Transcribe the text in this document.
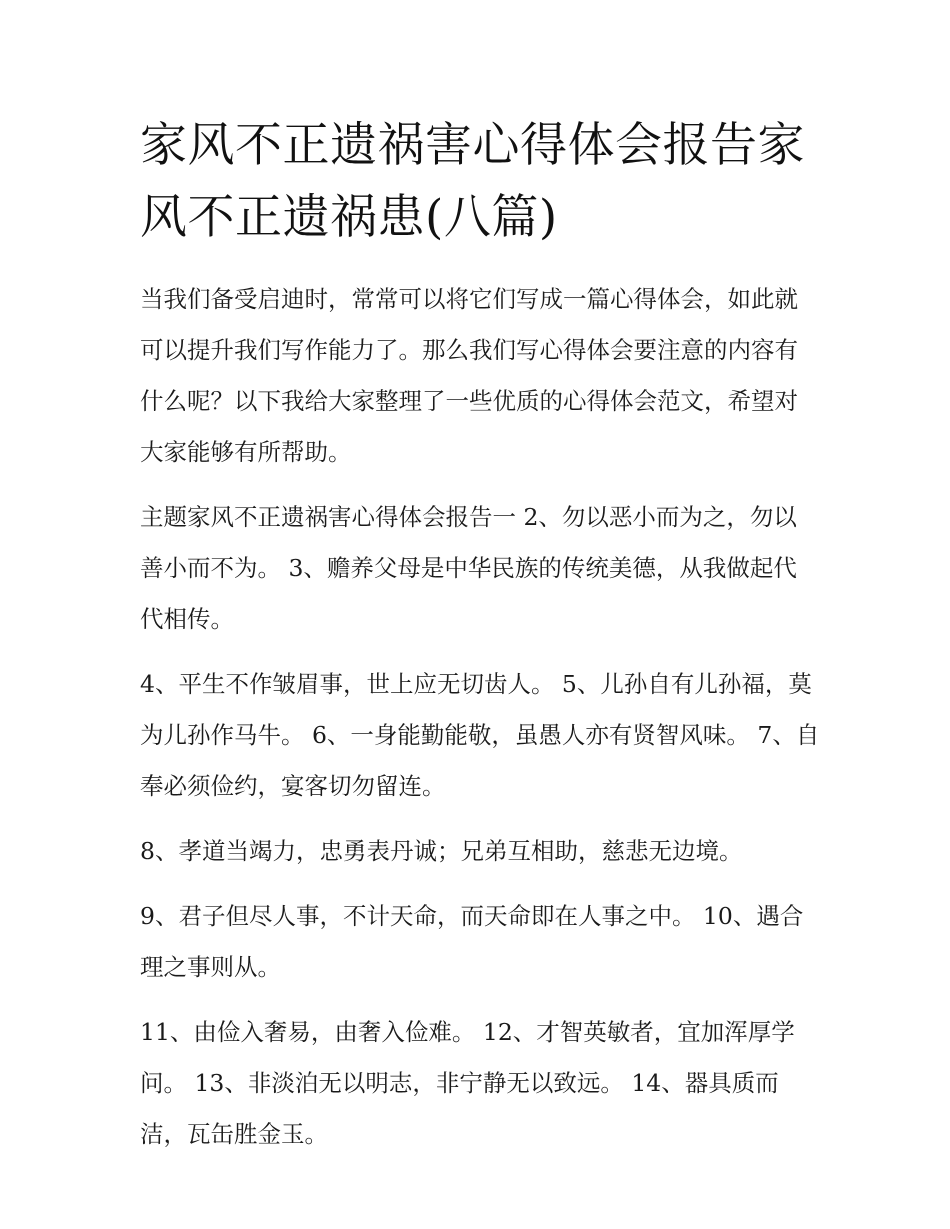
家风不正遗祸害心得体会报告家风不正遗祸患(八篇)

当我们备受启迪时，常常可以将它们写成一篇心得体会，如此就可以提升我们写作能力了。那么我们写心得体会要注意的内容有什么呢？以下我给大家整理了一些优质的心得体会范文，希望对大家能够有所帮助。

主题家风不正遗祸害心得体会报告一 2、勿以恶小而为之，勿以善小而不为。 3、赡养父母是中华民族的传统美德，从我做起代代相传。

4、平生不作皱眉事，世上应无切齿人。 5、儿孙自有儿孙福，莫为儿孙作马牛。 6、一身能勤能敬，虽愚人亦有贤智风味。 7、自奉必须俭约，宴客切勿留连。

8、孝道当竭力，忠勇表丹诚；兄弟互相助，慈悲无边境。

9、君子但尽人事，不计天命，而天命即在人事之中。 10、遇合理之事则从。

11、由俭入奢易，由奢入俭难。 12、才智英敏者，宜加浑厚学问。 13、非淡泊无以明志，非宁静无以致远。 14、器具质而洁，瓦缶胜金玉。
